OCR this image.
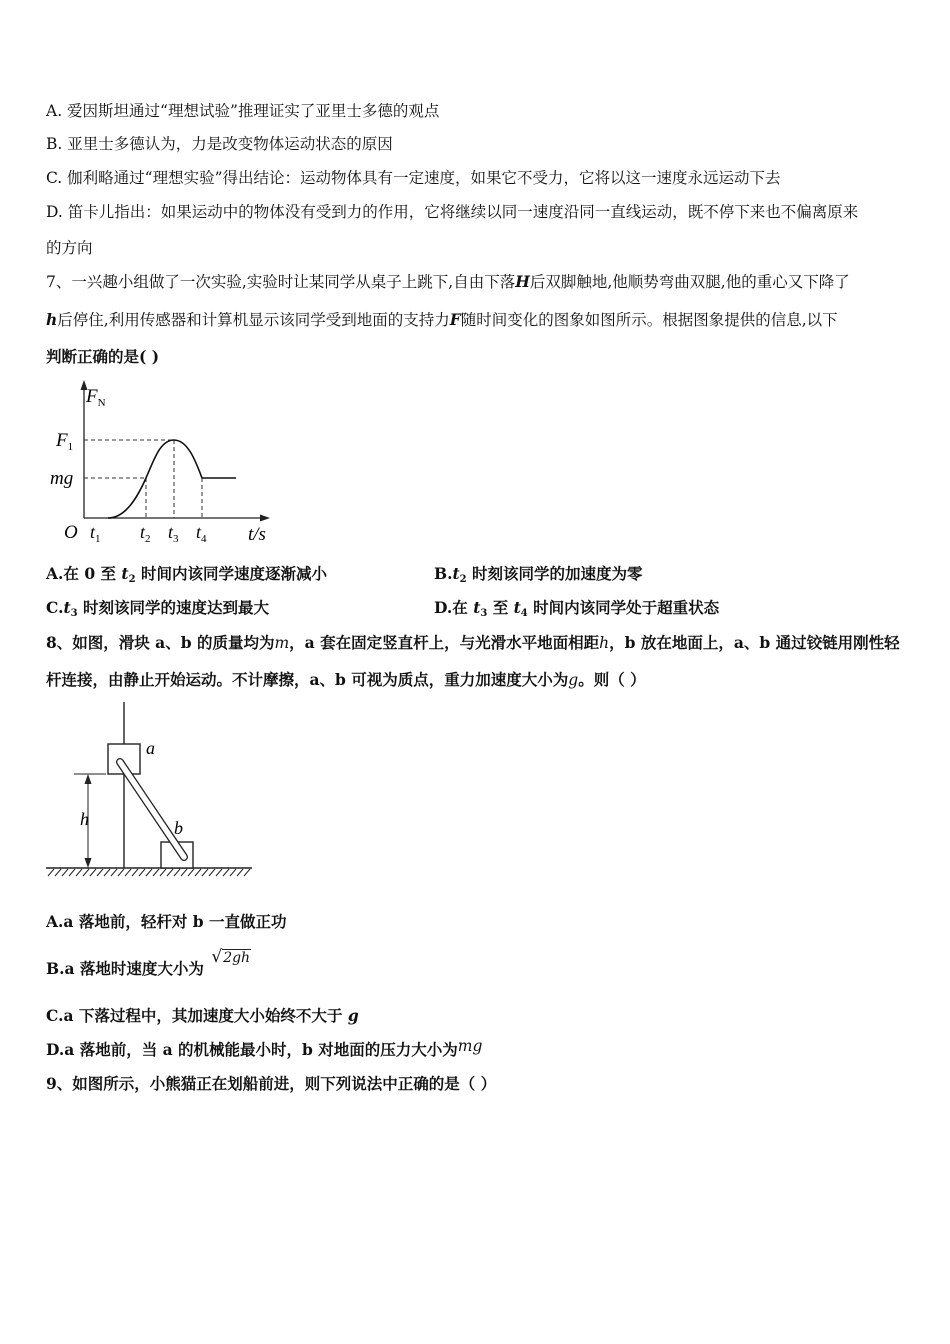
A. 爱因斯坦通过“理想试验”推理证实了亚里士多德的观点
B. 亚里士多德认为，力是改变物体运动状态的原因
C. 伽利略通过“理想实验”得出结论：运动物体具有一定速度，如果它不受力，它将以这一速度永远运动下去
D. 笛卡儿指出：如果运动中的物体没有受到力的作用，它将继续以同一速度沿同一直线运动，既不停下来也不偏离原来
的方向
7、一兴趣小组做了一次实验,实验时让某同学从桌子上跳下,自由下落H后双脚触地,他顺势弯曲双腿,他的重心又下降了
h后停住,利用传感器和计算机显示该同学受到地面的支持力F随时间变化的图象如图所示。根据图象提供的信息,以下
判断正确的是( )
$F_N$
$F_1$
mg
O $t_1$ $t_2$ $t_3$ $t_4$ t/s
A.在 0 至 $t_2$ 时间内该同学速度逐渐减小	$B.t_2$ 时刻该同学的加速度为零
$C.t_3$ 时刻该同学的速度达到最大	D.在 $t_3$ 至 $t_4$ 时间内该同学处于超重状态
8、如图，滑块 a、b 的质量均为m，a 套在固定竖直杆上，与光滑水平地面相距h，b 放在地面上，a、b 通过铰链用刚性轻
杆连接，由静止开始运动。不计摩擦，a、b 可视为质点，重力加速度大小为g。则（ ）
h
a
b
A.a 落地前，轻杆对 b 一直做正功
B.a 落地时速度大小为 √2gh
C.a 下落过程中，其加速度大小始终不大于 g
D.a 落地前，当 a 的机械能最小时，b 对地面的压力大小为mg
9、如图所示，小熊猫正在划船前进，则下列说法中正确的是（ ）
